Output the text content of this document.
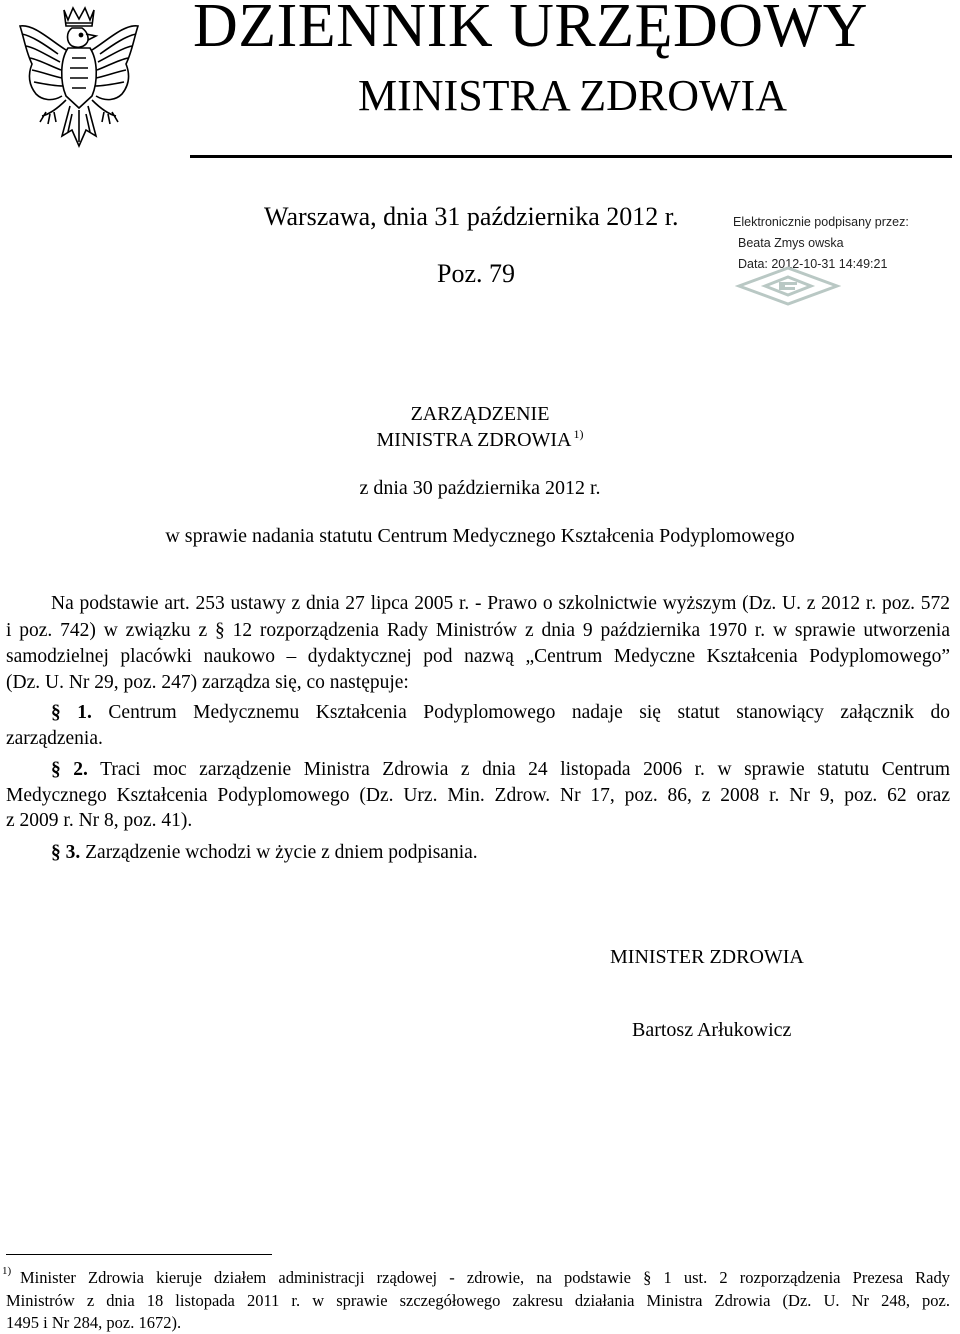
DZIENNIK URZĘDOWY
MINISTRA ZDROWIA
Warszawa, dnia 31 października 2012 r.
Poz. 79
Elektronicznie podpisany przez:
Beata Zmys owska
Data: 2012-10-31 14:49:21
ZARZĄDZENIE
MINISTRA ZDROWIA $^{1)}$
z dnia 30 października 2012 r.
w sprawie nadania statutu Centrum Medycznego Kształcenia Podyplomowego

Na podstawie art. 253 ustawy z dnia 27 lipca 2005 r. - Prawo o szkolnictwie wyższym (Dz. U. z 2012 r. poz. 572

i poz. 742) w związku z § 12 rozporządzenia Rady Ministrów z dnia 9 października 1970 r. w sprawie utworzenia

samodzielnej placówki naukowo – dydaktycznej pod nazwą „Centrum Medyczne Kształcenia Podyplomowego”

(Dz. U. Nr 29, poz. 247) zarządza się, co następuje:

§ 1. Centrum Medycznemu Kształcenia Podyplomowego nadaje się statut stanowiący załącznik do

zarządzenia.

§ 2. Traci moc zarządzenie Ministra Zdrowia z dnia 24 listopada 2006 r. w sprawie statutu Centrum

Medycznego Kształcenia Podyplomowego (Dz. Urz. Min. Zdrow. Nr 17, poz. 86, z 2008 r. Nr 9, poz. 62 oraz

z 2009 r. Nr 8, poz. 41).

§ 3. Zarządzenie wchodzi w życie z dniem podpisania.

MINISTER ZDROWIA
Bartosz Arłukowicz

1) Minister Zdrowia kieruje działem administracji rządowej - zdrowie, na podstawie § 1 ust. 2 rozporządzenia Prezesa Rady

Ministrów z dnia 18 listopada 2011 r. w sprawie szczegółowego zakresu działania Ministra Zdrowia (Dz. U. Nr 248, poz.

1495 i Nr 284, poz. 1672).
